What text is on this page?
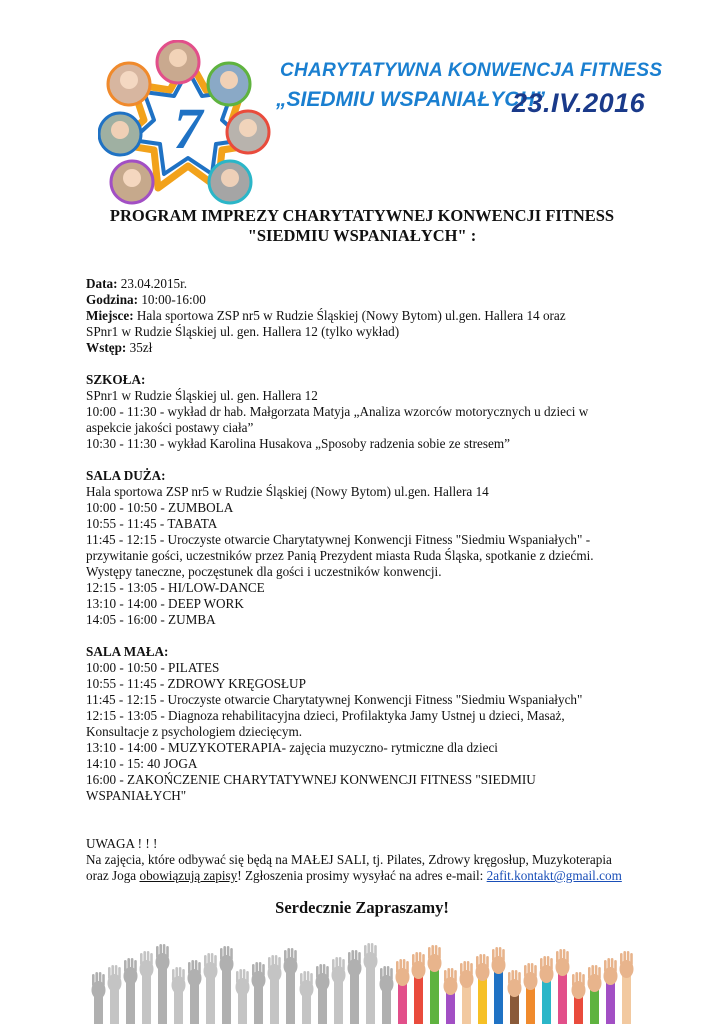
7
CHARYTATYWNA KONWENCJA FITNESS
„SIEDMIU WSPANIAŁYCH”
23.IV.2016
PROGRAM IMPREZY CHARYTATYWNEJ KONWENCJI FITNESS
"SIEDMIU WSPANIAŁYCH" :

Data: 23.04.2015r.

Godzina: 10:00-16:00

Miejsce: Hala sportowa ZSP nr5 w Rudzie Śląskiej (Nowy Bytom) ul.gen. Hallera 14 oraz

SPnr1 w Rudzie Śląskiej ul. gen. Hallera 12 (tylko wykład)

Wstęp: 35zł

SZKOŁA:

SPnr1 w Rudzie Śląskiej ul. gen. Hallera 12

10:00 - 11:30 - wykład dr hab. Małgorzata Matyja „Analiza wzorców motorycznych u dzieci w

aspekcie jakości postawy ciała”

10:30 - 11:30 - wykład Karolina Husakova „Sposoby radzenia sobie ze stresem”

SALA DUŻA:

Hala sportowa ZSP nr5 w Rudzie Śląskiej (Nowy Bytom) ul.gen. Hallera 14

10:00 - 10:50 - ZUMBOLA

10:55 - 11:45 - TABATA

11:45 - 12:15 - Uroczyste otwarcie Charytatywnej Konwencji Fitness "Siedmiu Wspaniałych" -

przywitanie gości, uczestników przez Panią Prezydent miasta Ruda Śląska, spotkanie z dziećmi.

Występy taneczne, poczęstunek dla gości i uczestników konwencji.

12:15 - 13:05 - HI/LOW-DANCE

13:10 - 14:00 - DEEP WORK

14:05 - 16:00 - ZUMBA

SALA MAŁA:

10:00 - 10:50 - PILATES

10:55 - 11:45 - ZDROWY KRĘGOSŁUP

11:45 - 12:15 - Uroczyste otwarcie Charytatywnej Konwencji Fitness "Siedmiu Wspaniałych"

12:15 - 13:05 - Diagnoza rehabilitacyjna dzieci, Profilaktyka Jamy Ustnej u dzieci, Masaż,

Konsultacje z psychologiem dziecięcym.

13:10 - 14:00 - MUZYKOTERAPIA- zajęcia muzyczno- rytmiczne dla dzieci

14:10 - 15: 40 JOGA

16:00 - ZAKOŃCZENIE CHARYTATYWNEJ KONWENCJI FITNESS "SIEDMIU

WSPANIAŁYCH"

UWAGA ! ! !

Na zajęcia, które odbywać się będą na MAŁEJ SALI, tj. Pilates, Zdrowy kręgosłup, Muzykoterapia

oraz Joga obowiązują zapisy! Zgłoszenia prosimy wysyłać na adres e-mail: 2afit.kontakt@gmail.com

Serdecznie Zapraszamy!
